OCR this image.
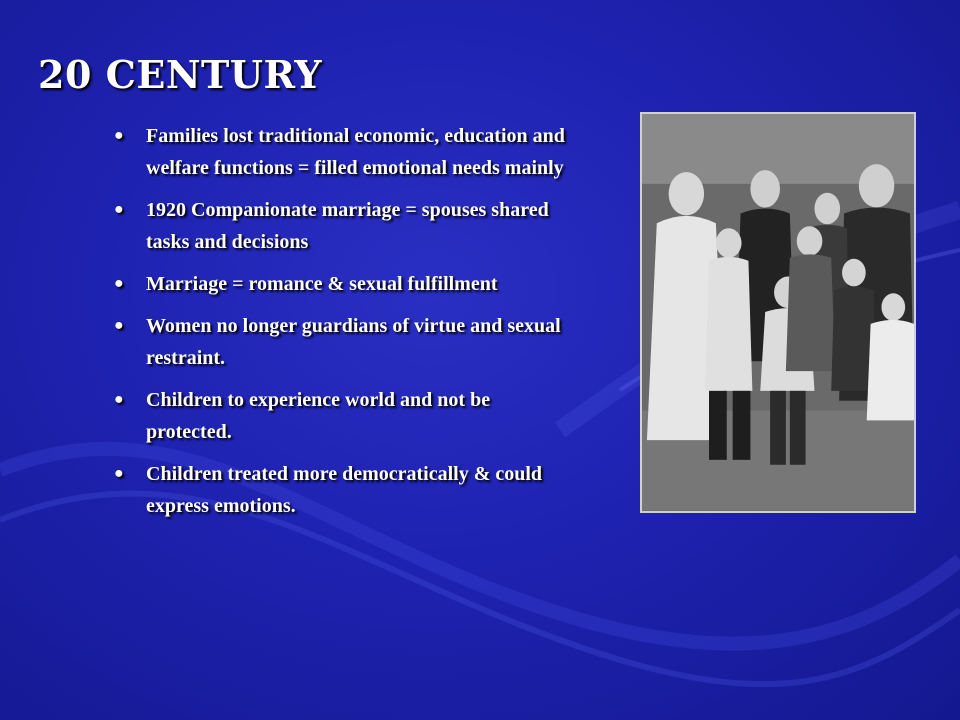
20 CENTURY
● Families lost traditional economic, education and welfare functions = filled emotional needs mainly
● 1920 Companionate marriage = spouses shared tasks and decisions
● Marriage = romance & sexual fulfillment
● Women no longer guardians of virtue and sexual restraint.
● Children to experience world and not be protected.
● Children treated more democratically & could express emotions.
